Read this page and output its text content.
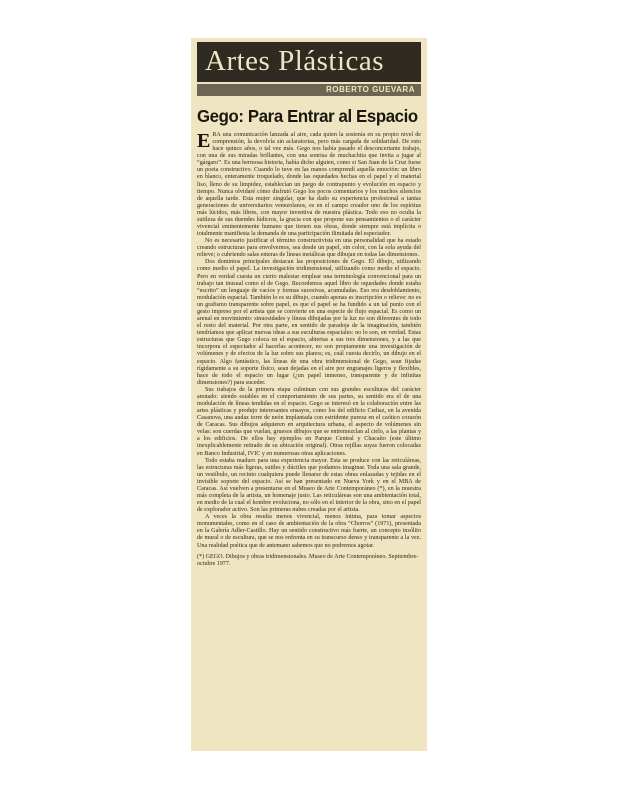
Artes Plásticas
ROBERTO GUEVARA
Gego: Para Entrar al Espacio

ERA una comunicación lanzada al aire, cada quien la sostenía en su propio nivel de comprensión, la devolvía sin aclaratorias, pero más cargada de solidaridad. De esto hace quince años, o tal vez más. Gego nos había pasado el desconcertante trabajo, con una de sus miradas brillantes, con una sonrisa de muchachita que invita a jugar al “gárgaro”. Es una hermosa historia, había dicho alguien, como si San Juan de la Cruz fuese un poeta constructivo. Cuando lo tuve en las manos comprendí aquella emoción: un libro en blanco, enteramente troquelado, donde las oquedades hechas en el papel y el material liso, lleno de su limpidez, establecían un juego de contrapunto y evolución en espacio y tiempo. Nunca olvidaré cómo disfrutó Gego los pocos comentarios y los muchos silencios de aquella tarde. Esta mujer singular, que ha dado su experiencia profesional a tantas generaciones de universitarios venezolanos, es en el campo creador uno de los espíritus más lúcidos, más libres, con mayor inventiva de nuestra plástica. Todo eso no oculta la sutileza de sus duendes lúdicros, la gracia con que propone sus pensamientos o el carácter vivencial eminentemente humano que tienen sus obras, donde siempre está implícita o totalmente manifiesta la demanda de una participación ilimitada del espectador.

No es necesario justificar el término constructivista en una personalidad que ha estado creando estructuras para envolvernos, sea desde un papel, sin color, con la sola ayuda del relieve; o cubriendo salas enteras de líneas metálicas que dibujan en todas las dimensiones.

Dos dominios principales destacan las proposiciones de Gego. El dibujo, utilizando como medio el papel. La investigación tridimensional, utilizando como medio el espacio. Pero en verdad cuesta un cierto malestar emplear una terminología convencional para un trabajo tan inusual como el de Gego. Recordemos aquel libro de oquedades donde estaba “escrito” un lenguaje de vacíos y formas sucesivas, acumuladas. Eso era desdoblamiento, modulación espacial. También lo es su dibujo, cuando apenas es inscripción o relieve: no es un grafismo transparente sobre papel, es que el papel se ha fundido a un tal punto con el gesto impreso por el artista que se convierte en una especie de flujo espacial. Es como un arenal en movimiento: sinuosidades y líneas dibujadas por la luz no son diferentes de todo el resto del material. Por otra parte, en sentido de paradoja de la imaginación, también tendríamos que aplicar nuevas ideas a sus esculturas espaciales: no lo son, en verdad. Estas estructuras que Gego coloca en el espacio, abiertas a sus tres dimensiones, y a las que incorpora el espectador al hacerlas acontecer, no son propiamente una investigación de volúmenes y de efectos de la luz sobre sus planos; es, cuál cuesta decirlo, un dibujo en el espacio. Algo fantástico, las líneas de una obra tridimensional de Gego, sean fijadas rígidamente a su soporte físico, sean dejadas en el aire por engranajes ligeros y flexibles, hace de todo el espacio un lugar (¿un papel inmenso, transparente y de infinitas dimensiones?) para suceder.

Sus trabajos de la primera etapa culminan con sus grandes esculturas del carácter anotado: siendo estables en el comportamiento de sus partes, su sentido era el de una modulación de líneas tendidas en el espacio. Gego se interesó en la colaboración entre las artes plásticas y produjo interesantes ensayos, como los del edificio Cediaz, en la avenida Casanova, una audaz torre de neón implantada con estridente pureza en el caótico corazón de Caracas. Sus dibujos adquieren en arquitectura urbana, el aspecto de volúmenes sin velas: son cuerdas que vuelan, gruesos dibujos que se entremezclan al cielo, a las plantas y a los edificios. De ellos hay ejemplos en Parque Central y Chacaíto (este último inexplicablemente retirado de su ubicación original). Otras rejillas suyas fueron colocadas en Banco Industrial, IVIC y en numerosas otras aplicaciones.

Todo estaba maduro para una experiencia mayor. Esta se produce con las reticuláreas, las estructuras más ligeras, sutiles y dúctiles que podamos imaginar. Toda una sala grande, un vestíbulo, un recinto cualquiera puede llenarse de estas obras enlazadas y tejidas en el invisible soporte del espacio. Así se han presentado en Nueva York y en el MBA de Caracas. Así vuelven a presentarse en el Museo de Arte Contemporáneo (*), en la muestra más completa de la artista, un homenaje justo. Las reticuláreas son una ambientación total, en medio de la cual el hombre evoluciona, no sólo en el interior de la obra, sino en el papel de explorador activo. Son las primeras nubes creadas por el artista.

A veces la obra resulta menos vivencial, menos íntima, para tomar aspectos monumentales, como en el caso de ambientación de la obra “Chorros” (1971), presentada en la Galería Adler-Castillo. Hay un sentido constructivo más fuerte, un concepto insólito de mural o de escultura, que se nos enfrenta en su transcurso denso y transparente a la vez. Una realidad poética que de antemano sabemos que no podremos agotar.

(*) GEGO. Dibujos y obras tridimensionales. Museo de Arte Contemporáneo. Septiembre-octubre 1977.
